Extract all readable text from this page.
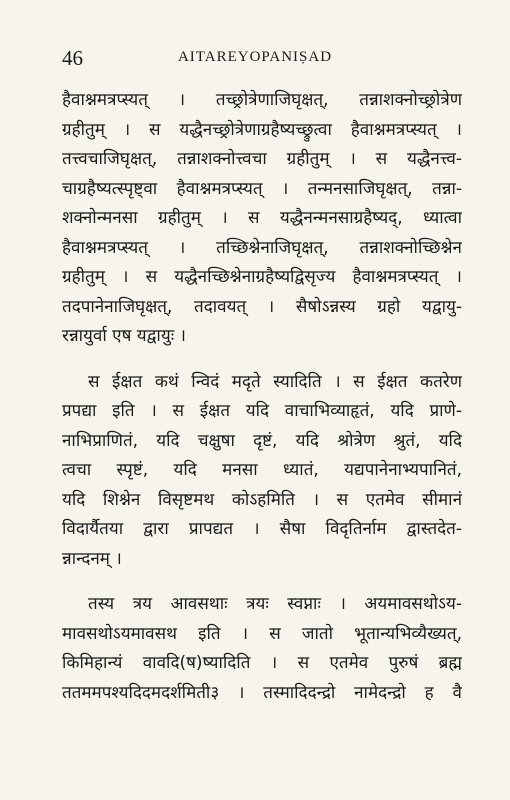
46	AITAREYOPANIṢAD
हैवाश्नमत्रप्स्यत् । तच्छ्रोत्रेणाजिघृक्षत्, तन्नाशक्नोच्छ्रोत्रेण
ग्रहीतुम् । स यद्धैनच्छ्रोत्रेणाग्रहैष्यच्छ्रुत्वा हैवाश्नमत्रप्स्यत् ।
तत्त्वचाजिघृक्षत्, तन्नाशक्नोत्त्वचा ग्रहीतुम् । स यद्धैनत्त्व-
चाग्रहैष्यत्स्पृष्ट्वा हैवाश्नमत्रप्स्यत् । तन्मनसाजिघृक्षत्, तन्ना-
शक्नोन्मनसा ग्रहीतुम् । स यद्धैनन्मनसाग्रहैष्यद्, ध्यात्वा
हैवाश्नमत्रप्स्यत् । तच्छिश्नेनाजिघृक्षत्, तन्नाशक्नोच्छिश्नेन
ग्रहीतुम् । स यद्धैनच्छिश्नेनाग्रहैष्यद्विसृज्य हैवाश्नमत्रप्स्यत् ।
तदपानेनाजिघृक्षत्, तदावयत् । सैषोऽन्नस्य ग्रहो यद्वायु-
रन्नायुर्वा एष यद्वायुः ।
स ईक्षत कथं न्विदं मदृते स्यादिति । स ईक्षत कतरेण
प्रपद्या इति । स ईक्षत यदि वाचाभिव्याहृतं, यदि प्राणे-
नाभिप्राणितं, यदि चक्षुषा दृष्टं, यदि श्रोत्रेण श्रुतं, यदि
त्वचा स्पृष्टं, यदि मनसा ध्यातं, यद्यपानेनाभ्यपानितं,
यदि शिश्नेन विसृष्टमथ कोऽहमिति । स एतमेव सीमानं
विदार्यैतया द्वारा प्रापद्यत । सैषा विदृतिर्नाम द्वास्तदेत-
न्नान्दनम् ।
तस्य त्रय आवसथाः त्रयः स्वप्नाः । अयमावसथोऽय-
मावसथोऽयमावसथ इति । स जातो भूतान्यभिव्यैख्यत्,
किमिहान्यं वावदि(ष)ष्यादिति । स एतमेव पुरुषं ब्रह्म
ततममपश्यदिदमदर्शमिती३ । तस्मादिदन्द्रो नामेदन्द्रो ह वै
